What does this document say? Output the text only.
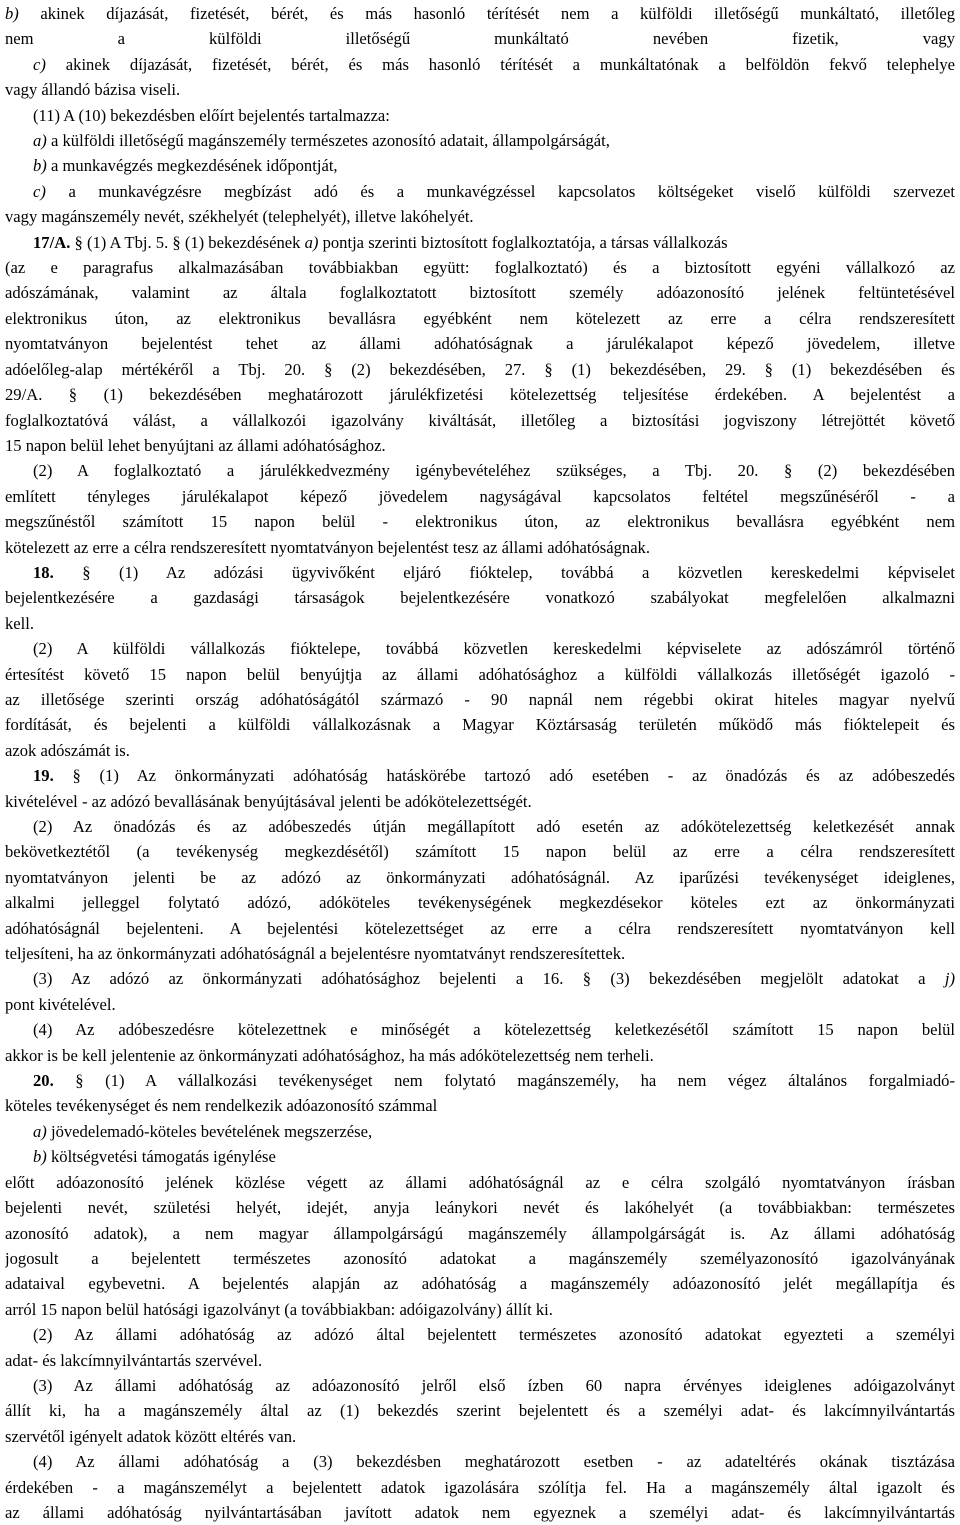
b) akinek díjazását, fizetését, bérét, és más hasonló térítését nem a külföldi illetőségű munkáltató, illetőleg
nem a külföldi illetőségű munkáltató nevében fizetik, vagy
c) akinek díjazását, fizetését, bérét, és más hasonló térítését a munkáltatónak a belföldön fekvő telephelye
vagy állandó bázisa viseli.
(11) A (10) bekezdésben előírt bejelentés tartalmazza:
a) a külföldi illetőségű magánszemély természetes azonosító adatait, állampolgárságát,
b) a munkavégzés megkezdésének időpontját,
c) a munkavégzésre megbízást adó és a munkavégzéssel kapcsolatos költségeket viselő külföldi szervezet
vagy magánszemély nevét, székhelyét (telephelyét), illetve lakóhelyét.
17/A. § (1) A Tbj. 5. § (1) bekezdésének a) pontja szerinti biztosított foglalkoztatója, a társas vállalkozás
(az e paragrafus alkalmazásában továbbiakban együtt: foglalkoztató) és a biztosított egyéni vállalkozó az
adószámának, valamint az általa foglalkoztatott biztosított személy adóazonosító jelének feltüntetésével
elektronikus úton, az elektronikus bevallásra egyébként nem kötelezett az erre a célra rendszeresített
nyomtatványon bejelentést tehet az állami adóhatóságnak a járulékalapot képező jövedelem, illetve
adóelőleg-alap mértékéről a Tbj. 20. § (2) bekezdésében, 27. § (1) bekezdésében, 29. § (1) bekezdésében és
29/A. § (1) bekezdésében meghatározott járulékfizetési kötelezettség teljesítése érdekében. A bejelentést a
foglalkoztatóvá válást, a vállalkozói igazolvány kiváltását, illetőleg a biztosítási jogviszony létrejöttét követő
15 napon belül lehet benyújtani az állami adóhatósághoz.
(2) A foglalkoztató a járulékkedvezmény igénybevételéhez szükséges, a Tbj. 20. § (2) bekezdésében
említett tényleges járulékalapot képező jövedelem nagyságával kapcsolatos feltétel megszűnéséről - a
megszűnéstől számított 15 napon belül - elektronikus úton, az elektronikus bevallásra egyébként nem
kötelezett az erre a célra rendszeresített nyomtatványon bejelentést tesz az állami adóhatóságnak.
18. § (1) Az adózási ügyvivőként eljáró fióktelep, továbbá a közvetlen kereskedelmi képviselet
bejelentkezésére a gazdasági társaságok bejelentkezésére vonatkozó szabályokat megfelelően alkalmazni
kell.
(2) A külföldi vállalkozás fióktelepe, továbbá közvetlen kereskedelmi képviselete az adószámról történő
értesítést követő 15 napon belül benyújtja az állami adóhatósághoz a külföldi vállalkozás illetőségét igazoló -
az illetősége szerinti ország adóhatóságától származó - 90 napnál nem régebbi okirat hiteles magyar nyelvű
fordítását, és bejelenti a külföldi vállalkozásnak a Magyar Köztársaság területén működő más fióktelepeit és
azok adószámát is.
19. § (1) Az önkormányzati adóhatóság hatáskörébe tartozó adó esetében - az önadózás és az adóbeszedés
kivételével - az adózó bevallásának benyújtásával jelenti be adókötelezettségét.
(2) Az önadózás és az adóbeszedés útján megállapított adó esetén az adókötelezettség keletkezését annak
bekövetkeztétől (a tevékenység megkezdésétől) számított 15 napon belül az erre a célra rendszeresített
nyomtatványon jelenti be az adózó az önkormányzati adóhatóságnál. Az iparűzési tevékenységet ideiglenes,
alkalmi jelleggel folytató adózó, adóköteles tevékenységének megkezdésekor köteles ezt az önkormányzati
adóhatóságnál bejelenteni. A bejelentési kötelezettséget az erre a célra rendszeresített nyomtatványon kell
teljesíteni, ha az önkormányzati adóhatóságnál a bejelentésre nyomtatványt rendszeresítettek.
(3) Az adózó az önkormányzati adóhatósághoz bejelenti a 16. § (3) bekezdésében megjelölt adatokat a j)
pont kivételével.
(4) Az adóbeszedésre kötelezettnek e minőségét a kötelezettség keletkezésétől számított 15 napon belül
akkor is be kell jelentenie az önkormányzati adóhatósághoz, ha más adókötelezettség nem terheli.
20. § (1) A vállalkozási tevékenységet nem folytató magánszemély, ha nem végez általános forgalmiadó-
köteles tevékenységet és nem rendelkezik adóazonosító számmal
a) jövedelemadó-köteles bevételének megszerzése,
b) költségvetési támogatás igénylése
előtt adóazonosító jelének közlése végett az állami adóhatóságnál az e célra szolgáló nyomtatványon írásban
bejelenti nevét, születési helyét, idejét, anyja leánykori nevét és lakóhelyét (a továbbiakban: természetes
azonosító adatok), a nem magyar állampolgárságú magánszemély állampolgárságát is. Az állami adóhatóság
jogosult a bejelentett természetes azonosító adatokat a magánszemély személyazonosító igazolványának
adataival egybevetni. A bejelentés alapján az adóhatóság a magánszemély adóazonosító jelét megállapítja és
arról 15 napon belül hatósági igazolványt (a továbbiakban: adóigazolvány) állít ki.
(2) Az állami adóhatóság az adózó által bejelentett természetes azonosító adatokat egyezteti a személyi
adat- és lakcímnyilvántartás szervével.
(3) Az állami adóhatóság az adóazonosító jelről első ízben 60 napra érvényes ideiglenes adóigazolványt
állít ki, ha a magánszemély által az (1) bekezdés szerint bejelentett és a személyi adat- és lakcímnyilvántartás
szervétől igényelt adatok között eltérés van.
(4) Az állami adóhatóság a (3) bekezdésben meghatározott esetben - az adateltérés okának tisztázása
érdekében - a magánszemélyt a bejelentett adatok igazolására szólítja fel. Ha a magánszemély által igazolt és
az állami adóhatóság nyilvántartásában javított adatok nem egyeznek a személyi adat- és lakcímnyilvántartás
